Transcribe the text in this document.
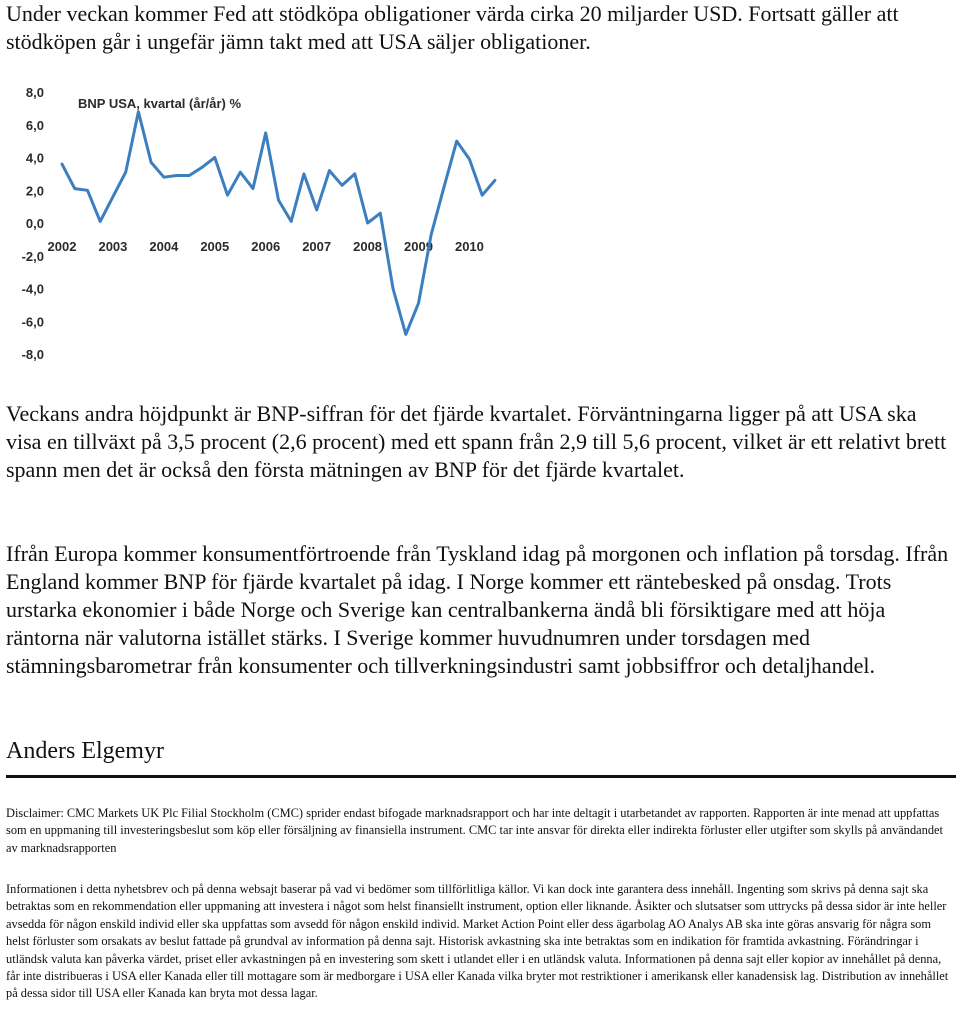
Under veckan kommer Fed att stödköpa obligationer värda cirka 20 miljarder USD. Fortsatt gäller att stödköpen går i ungefär jämn takt med att USA säljer obligationer.

8,0
6,0
4,0
2,0
0,0
-2,0
-4,0
-6,0
-8,0
2002 2003 2004 2005 2006 2007 2008 2009 2010
BNP USA, kvartal (år/år) %

Veckans andra höjdpunkt är BNP-siffran för det fjärde kvartalet. Förväntningarna ligger på att USA ska visa en tillväxt på 3,5 procent (2,6 procent) med ett spann från 2,9 till 5,6 procent, vilket är ett relativt brett spann men det är också den första mätningen av BNP för det fjärde kvartalet.

Ifrån Europa kommer konsumentförtroende från Tyskland idag på morgonen och inflation på torsdag. Ifrån England kommer BNP för fjärde kvartalet på idag. I Norge kommer ett räntebesked på onsdag. Trots urstarka ekonomier i både Norge och Sverige kan centralbankerna ändå bli försiktigare med att höja räntorna när valutorna istället stärks. I Sverige kommer huvudnumren under torsdagen med stämningsbarometrar från konsumenter och tillverkningsindustri samt jobbsiffror och detaljhandel.

Anders Elgemyr

Disclaimer: CMC Markets UK Plc Filial Stockholm (CMC) sprider endast bifogade marknadsrapport och har inte deltagit i utarbetandet av rapporten. Rapporten är inte menad att uppfattas som en uppmaning till investeringsbeslut som köp eller försäljning av finansiella instrument. CMC tar inte ansvar för direkta eller indirekta förluster eller utgifter som skylls på användandet av marknadsrapporten

Informationen i detta nyhetsbrev och på denna websajt baserar på vad vi bedömer som tillförlitliga källor. Vi kan dock inte garantera dess innehåll. Ingenting som skrivs på denna sajt ska betraktas som en rekommendation eller uppmaning att investera i något som helst finansiellt instrument, option eller liknande. Åsikter och slutsatser som uttrycks på dessa sidor är inte heller avsedda för någon enskild individ eller ska uppfattas som avsedd för någon enskild individ. Market Action Point eller dess ägarbolag AO Analys AB ska inte göras ansvarig för några som helst förluster som orsakats av beslut fattade på grundval av information på denna sajt. Historisk avkastning ska inte betraktas som en indikation för framtida avkastning. Förändringar i utländsk valuta kan påverka värdet, priset eller avkastningen på en investering som skett i utlandet eller i en utländsk valuta. Informationen på denna sajt eller kopior av innehållet på denna, får inte distribueras i USA eller Kanada eller till mottagare som är medborgare i USA eller Kanada vilka bryter mot restriktioner i amerikansk eller kanadensisk lag. Distribution av innehållet på dessa sidor till USA eller Kanada kan bryta mot dessa lagar.
